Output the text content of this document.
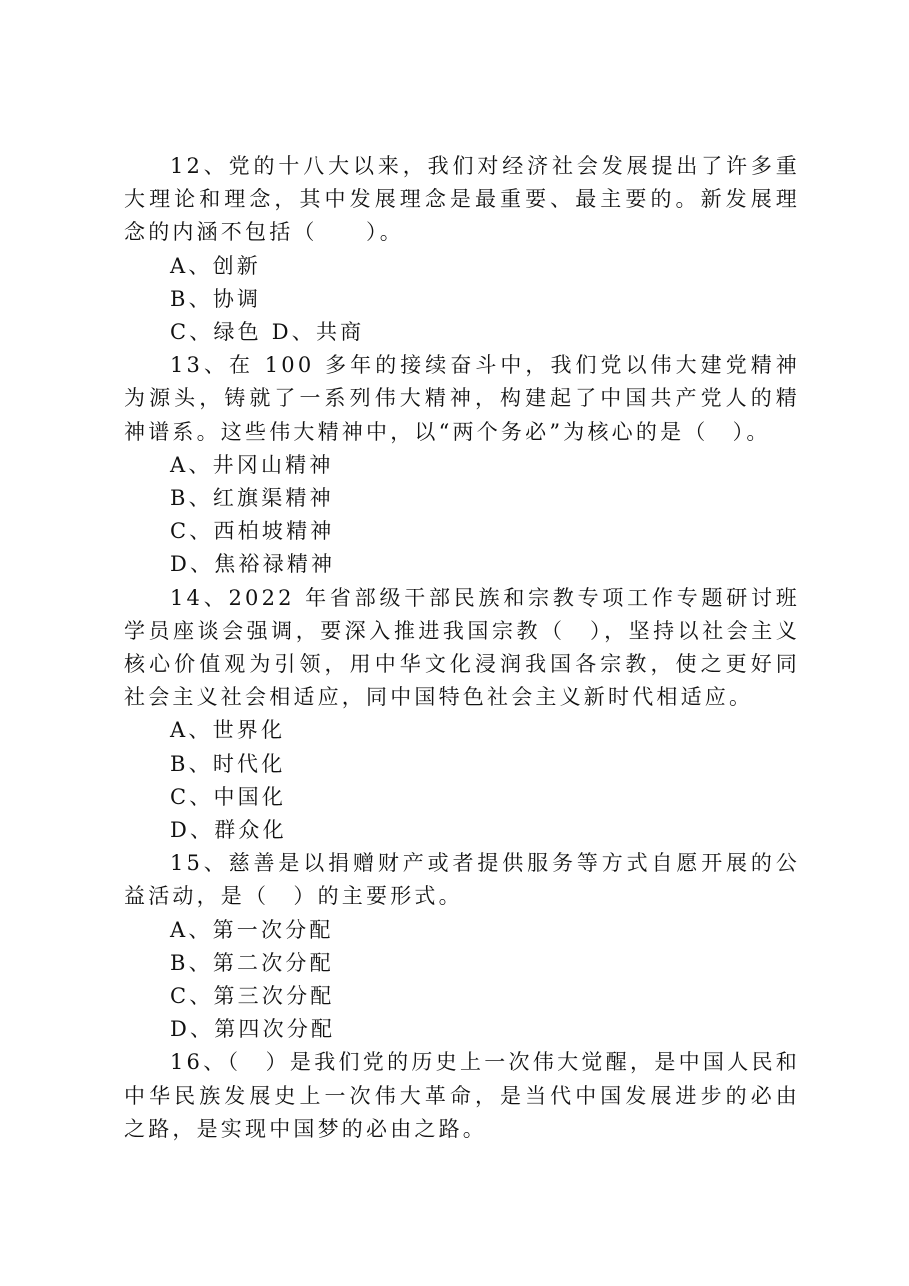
12、党的十八大以来，我们对经济社会发展提出了许多重大理论和理念，其中发展理念是最重要、最主要的。新发展理念的内涵不包括（　　）。

A、创新

B、协调

C、绿色 D、共商

13、在 100 多年的接续奋斗中，我们党以伟大建党精神为源头，铸就了一系列伟大精神，构建起了中国共产党人的精神谱系。这些伟大精神中，以“两个务必”为核心的是（　）。

A、井冈山精神

B、红旗渠精神

C、西柏坡精神

D、焦裕禄精神

14、2022 年省部级干部民族和宗教专项工作专题研讨班学员座谈会强调，要深入推进我国宗教（　），坚持以社会主义核心价值观为引领，用中华文化浸润我国各宗教，使之更好同社会主义社会相适应，同中国特色社会主义新时代相适应。

A、世界化

B、时代化

C、中国化

D、群众化

15、慈善是以捐赠财产或者提供服务等方式自愿开展的公益活动，是（　）的主要形式。

A、第一次分配

B、第二次分配

C、第三次分配

D、第四次分配

16、（　）是我们党的历史上一次伟大觉醒，是中国人民和中华民族发展史上一次伟大革命，是当代中国发展进步的必由之路，是实现中国梦的必由之路。
